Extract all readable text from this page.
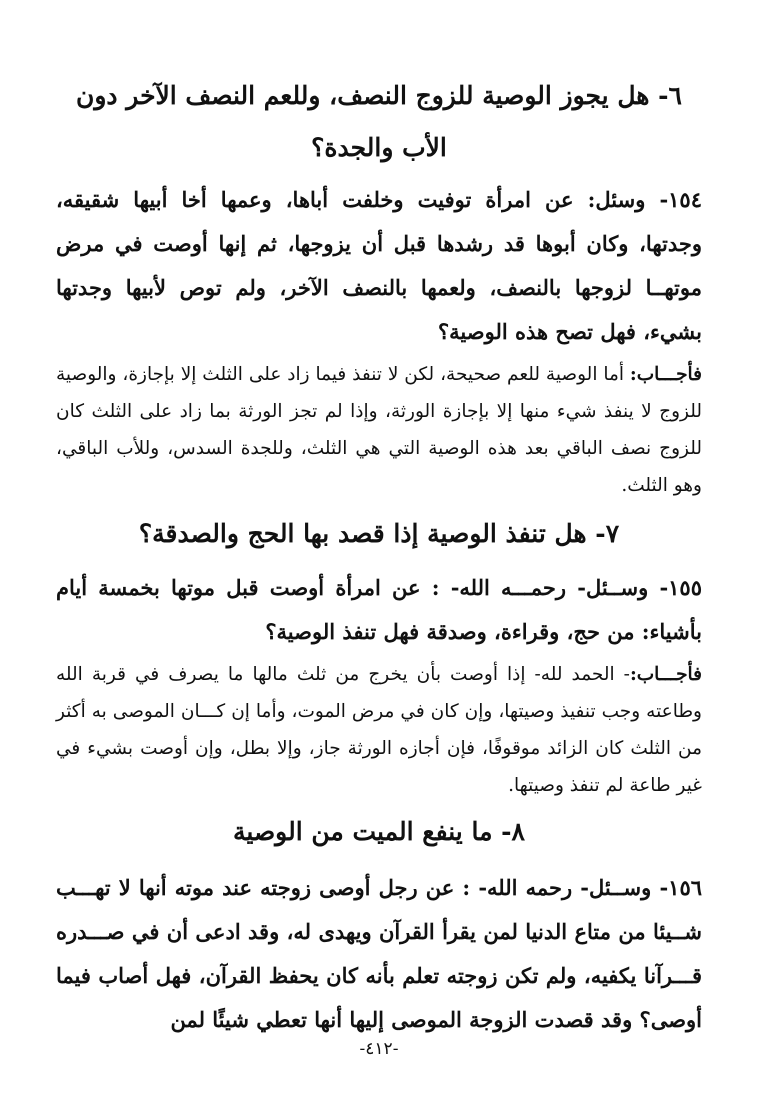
٦- هل يجوز الوصية للزوج النصف، وللعم النصف الآخر دون الأب والجدة؟

١٥٤- وسئل: عن امرأة توفيت وخلفت أباها، وعمها أخا أبيها شقيقه، وجدتها، وكان أبوها قد رشدها قبل أن يزوجها، ثم إنها أوصت في مرض موتهــا لزوجها بالنصف، ولعمها بالنصف الآخر، ولم توص لأبيها وجدتها بشيء، فهل تصح هذه الوصية؟

فأجـــاب: أما الوصية للعم صحيحة، لكن لا تنفذ فيما زاد على الثلث إلا بإجازة، والوصية للزوج لا ينفذ شيء منها إلا بإجازة الورثة، وإذا لم تجز الورثة بما زاد على الثلث كان للزوج نصف الباقي بعد هذه الوصية التي هي الثلث، وللجدة السدس، وللأب الباقي، وهو الثلث.

٧- هل تنفذ الوصية إذا قصد بها الحج والصدقة؟

١٥٥- وســئل- رحمـــه الله- : عن امرأة أوصت قبل موتها بخمسة أيام بأشياء: من حج، وقراءة، وصدقة فهل تنفذ الوصية؟

فأجـــاب:- الحمد لله- إذا أوصت بأن يخرج من ثلث مالها ما يصرف في قربة الله وطاعته وجب تنفيذ وصيتها، وإن كان في مرض الموت، وأما إن كـــان الموصى به أكثر من الثلث كان الزائد موقوفًا، فإن أجازه الورثة جاز، وإلا بطل، وإن أوصت بشيء في غير طاعة لم تنفذ وصيتها.

٨- ما ينفع الميت من الوصية

١٥٦- وســئل- رحمه الله- : عن رجل أوصى زوجته عند موته أنها لا تهـــب شــيئا من متاع الدنيا لمن يقرأ القرآن ويهدى له، وقد ادعى أن في صـــدره قـــرآنا يكفيه، ولم تكن زوجته تعلم بأنه كان يحفظ القرآن، فهل أصاب فيما أوصى؟ وقد قصدت الزوجة الموصى إليها أنها تعطي شيئًا لمن

-٤١٢-
